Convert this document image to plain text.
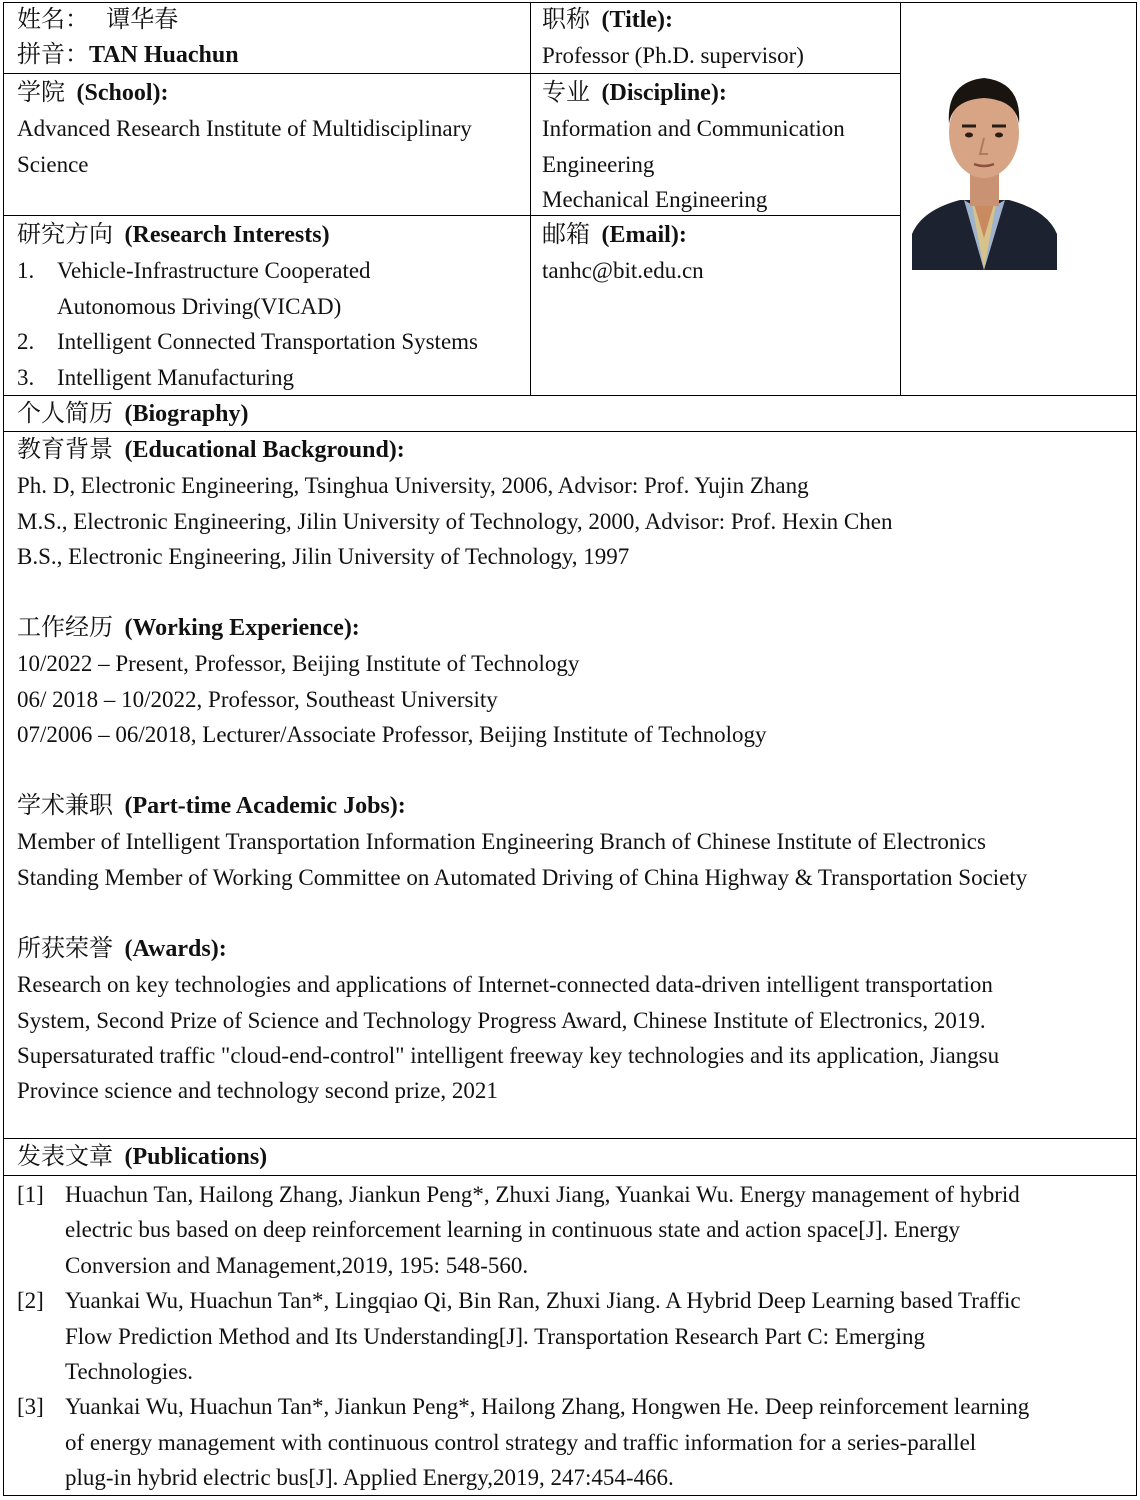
姓名： 谭华春
拼音：TAN Huachun
职称 (Title):
Professor (Ph.D. supervisor)
学院 (School):
Advanced Research Institute of Multidisciplinary
Science
专业 (Discipline):
Information and Communication
Engineering
Mechanical Engineering
研究方向 (Research Interests)
1. Vehicle-Infrastructure Cooperated
Autonomous Driving(VICAD)
2. Intelligent Connected Transportation Systems
3. Intelligent Manufacturing
邮箱 (Email):
tanhc@bit.edu.cn
个人简历 (Biography)
教育背景 (Educational Background):
Ph. D, Electronic Engineering, Tsinghua University, 2006, Advisor: Prof. Yujin Zhang
M.S., Electronic Engineering, Jilin University of Technology, 2000, Advisor: Prof. Hexin Chen
B.S., Electronic Engineering, Jilin University of Technology, 1997

工作经历 (Working Experience):
10/2022 – Present, Professor, Beijing Institute of Technology
06/ 2018 – 10/2022, Professor, Southeast University
07/2006 – 06/2018, Lecturer/Associate Professor, Beijing Institute of Technology

学术兼职 (Part-time Academic Jobs):
Member of Intelligent Transportation Information Engineering Branch of Chinese Institute of Electronics
Standing Member of Working Committee on Automated Driving of China Highway & Transportation Society

所获荣誉 (Awards):
Research on key technologies and applications of Internet-connected data-driven intelligent transportation
System, Second Prize of Science and Technology Progress Award, Chinese Institute of Electronics, 2019.
Supersaturated traffic "cloud-end-control" intelligent freeway key technologies and its application, Jiangsu
Province science and technology second prize, 2021
发表文章 (Publications)
[1] Huachun Tan, Hailong Zhang, Jiankun Peng*, Zhuxi Jiang, Yuankai Wu. Energy management of hybrid
electric bus based on deep reinforcement learning in continuous state and action space[J]. Energy
Conversion and Management,2019, 195: 548-560.
[2] Yuankai Wu, Huachun Tan*, Lingqiao Qi, Bin Ran, Zhuxi Jiang. A Hybrid Deep Learning based Traffic
Flow Prediction Method and Its Understanding[J]. Transportation Research Part C: Emerging
Technologies.
[3] Yuankai Wu, Huachun Tan*, Jiankun Peng*, Hailong Zhang, Hongwen He. Deep reinforcement learning
of energy management with continuous control strategy and traffic information for a series-parallel
plug-in hybrid electric bus[J]. Applied Energy,2019, 247:454-466.
